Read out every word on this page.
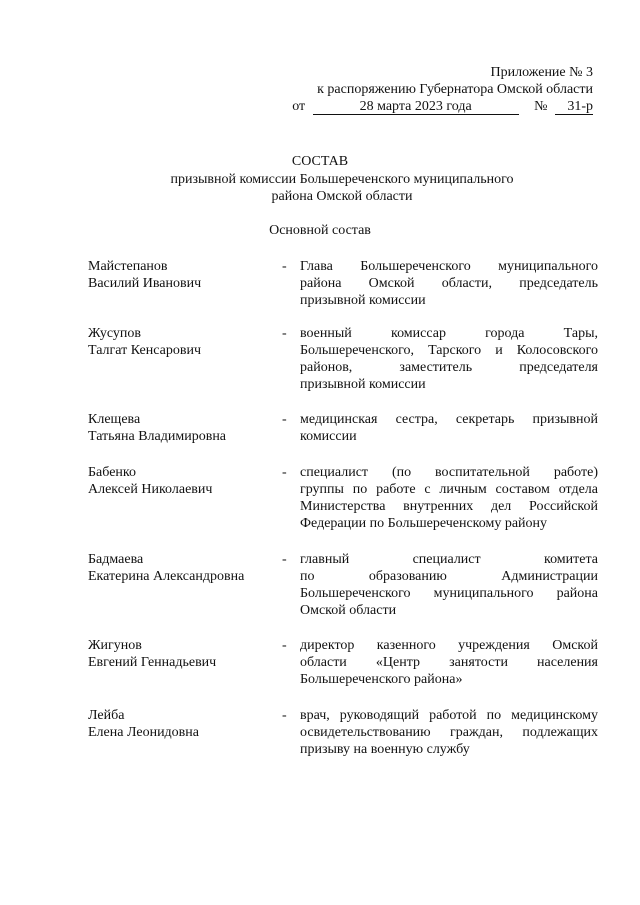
Приложение № 3
к распоряжению Губернатора Омской области
от	28 марта 2023 года	№ 31-р
СОСТАВ
призывной комиссии Большереченского муниципального
района Омской области
Основной состав
Майстепанов
Василий Иванович
- Глава Большереченского муниципального
района Омской области, председатель
призывной комиссии
Жусупов
Талгат Кенсарович
- военный комиссар города Тары,
Большереченского, Тарского и Колосовского
районов, заместитель председателя
призывной комиссии
Клещева
Татьяна Владимировна
- медицинская сестра, секретарь призывной
комиссии
Бабенко
Алексей Николаевич
- специалист (по воспитательной работе)
группы по работе с личным составом отдела
Министерства внутренних дел Российской
Федерации по Большереченскому району
Бадмаева
Екатерина Александровна
- главный специалист комитета
по образованию Администрации
Большереченского муниципального района
Омской области
Жигунов
Евгений Геннадьевич
- директор казенного учреждения Омской
области «Центр занятости населения
Большереченского района»
Лейба
Елена Леонидовна
- врач, руководящий работой по медицинскому
освидетельствованию граждан, подлежащих
призыву на военную службу
